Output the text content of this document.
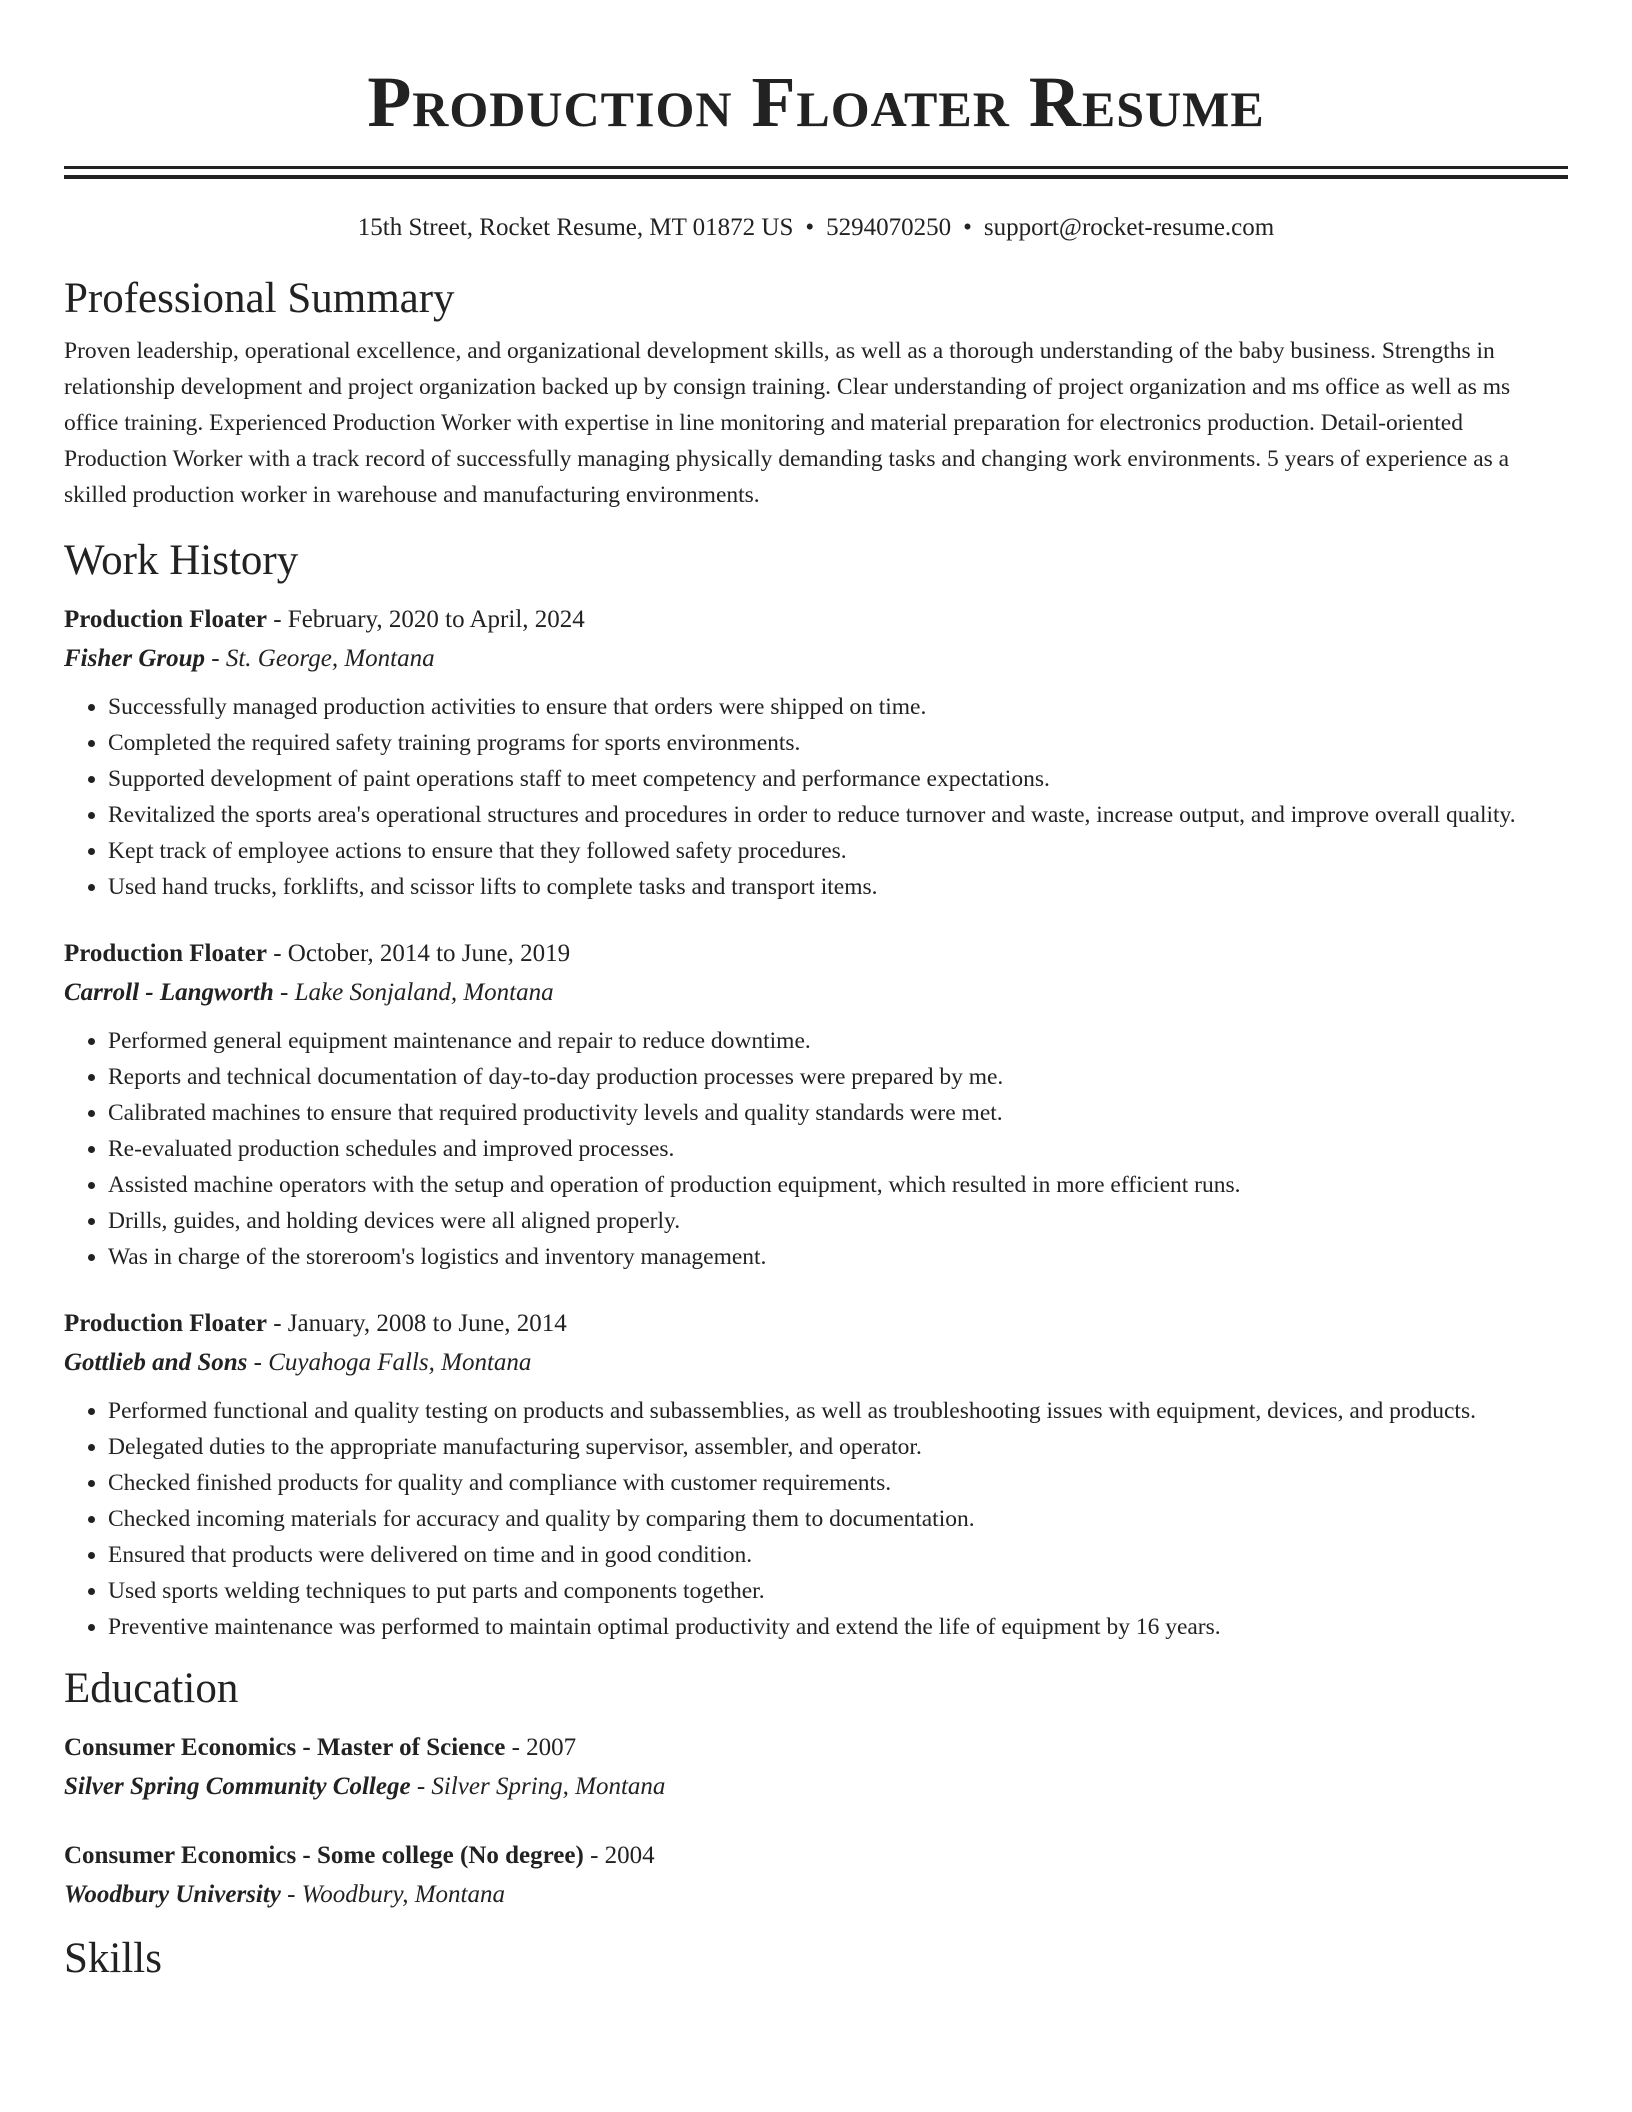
Production Floater Resume
15th Street, Rocket Resume, MT 01872 US • 5294070250 • support@rocket-resume.com
Professional Summary

Proven leadership, operational excellence, and organizational development skills, as well as a thorough understanding of the baby business. Strengths in relationship development and project organization backed up by consign training. Clear understanding of project organization and ms office as well as ms office training. Experienced Production Worker with expertise in line monitoring and material preparation for electronics production. Detail-oriented Production Worker with a track record of successfully managing physically demanding tasks and changing work environments. 5 years of experience as a skilled production worker in warehouse and manufacturing environments.

Work History
Production Floater - February, 2020 to April, 2024
Fisher Group - St. George, Montana
• Successfully managed production activities to ensure that orders were shipped on time.
• Completed the required safety training programs for sports environments.
• Supported development of paint operations staff to meet competency and performance expectations.
• Revitalized the sports area's operational structures and procedures in order to reduce turnover and waste, increase output, and improve overall quality.
• Kept track of employee actions to ensure that they followed safety procedures.
• Used hand trucks, forklifts, and scissor lifts to complete tasks and transport items.
Production Floater - October, 2014 to June, 2019
Carroll - Langworth - Lake Sonjaland, Montana
• Performed general equipment maintenance and repair to reduce downtime.
• Reports and technical documentation of day-to-day production processes were prepared by me.
• Calibrated machines to ensure that required productivity levels and quality standards were met.
• Re-evaluated production schedules and improved processes.
• Assisted machine operators with the setup and operation of production equipment, which resulted in more efficient runs.
• Drills, guides, and holding devices were all aligned properly.
• Was in charge of the storeroom's logistics and inventory management.
Production Floater - January, 2008 to June, 2014
Gottlieb and Sons - Cuyahoga Falls, Montana
• Performed functional and quality testing on products and subassemblies, as well as troubleshooting issues with equipment, devices, and products.
• Delegated duties to the appropriate manufacturing supervisor, assembler, and operator.
• Checked finished products for quality and compliance with customer requirements.
• Checked incoming materials for accuracy and quality by comparing them to documentation.
• Ensured that products were delivered on time and in good condition.
• Used sports welding techniques to put parts and components together.
• Preventive maintenance was performed to maintain optimal productivity and extend the life of equipment by 16 years.
Education
Consumer Economics - Master of Science - 2007
Silver Spring Community College - Silver Spring, Montana
Consumer Economics - Some college (No degree) - 2004
Woodbury University - Woodbury, Montana
Skills
